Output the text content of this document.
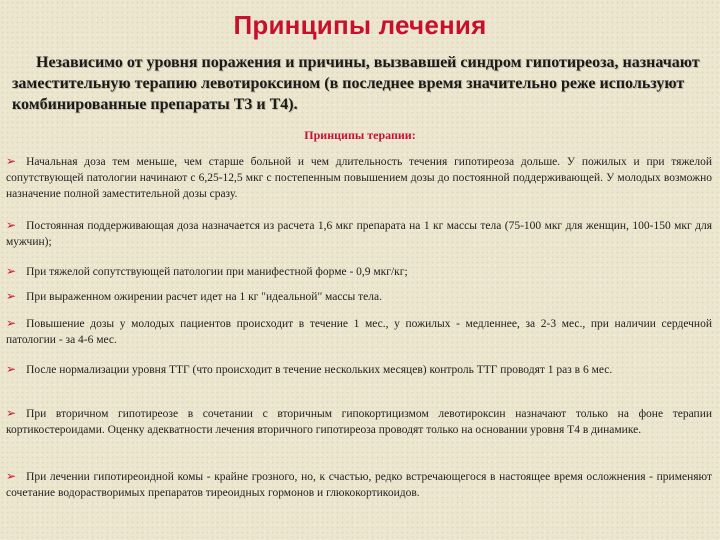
Принципы лечения

Независимо от уровня поражения и причины, вызвавшей синдром гипотиреоза, назначают заместительную терапию левотироксином (в последнее время значительно реже используют комбинированные препараты Т3 и Т4).

Принципы терапии:

➢ Начальная доза тем меньше, чем старше больной и чем длительность течения гипотиреоза дольше. У пожилых и при тяжелой сопутствующей патологии начинают с 6,25-12,5 мкг с постепенным повышением дозы до постоянной поддерживающей. У молодых возможно назначение полной заместительной дозы сразу.
➢ Постоянная поддерживающая доза назначается из расчета 1,6 мкг препарата на 1 кг массы тела (75-100 мкг для женщин, 100-150 мкг для мужчин);
➢ При тяжелой сопутствующей патологии при манифестной форме - 0,9 мкг/кг;
➢ При выраженном ожирении расчет идет на 1 кг "идеальной" массы тела.
➢ Повышение дозы у молодых пациентов происходит в течение 1 мес., у пожилых - медленнее, за 2-3 мес., при наличии сердечной патологии - за 4-6 мес.
➢ После нормализации уровня ТТГ (что происходит в течение нескольких месяцев) контроль ТТГ проводят 1 раз в 6 мес.
➢ При вторичном гипотиреозе в сочетании с вторичным гипокортицизмом левотироксин назначают только на фоне терапии кортикостероидами. Оценку адекватности лечения вторичного гипотиреоза проводят только на основании уровня Т4 в динамике.
➢ При лечении гипотиреоидной комы - крайне грозного, но, к счастью, редко встречающегося в настоящее время осложнения - применяют сочетание водорастворимых препаратов тиреоидных гормонов и глюкокортикоидов.
